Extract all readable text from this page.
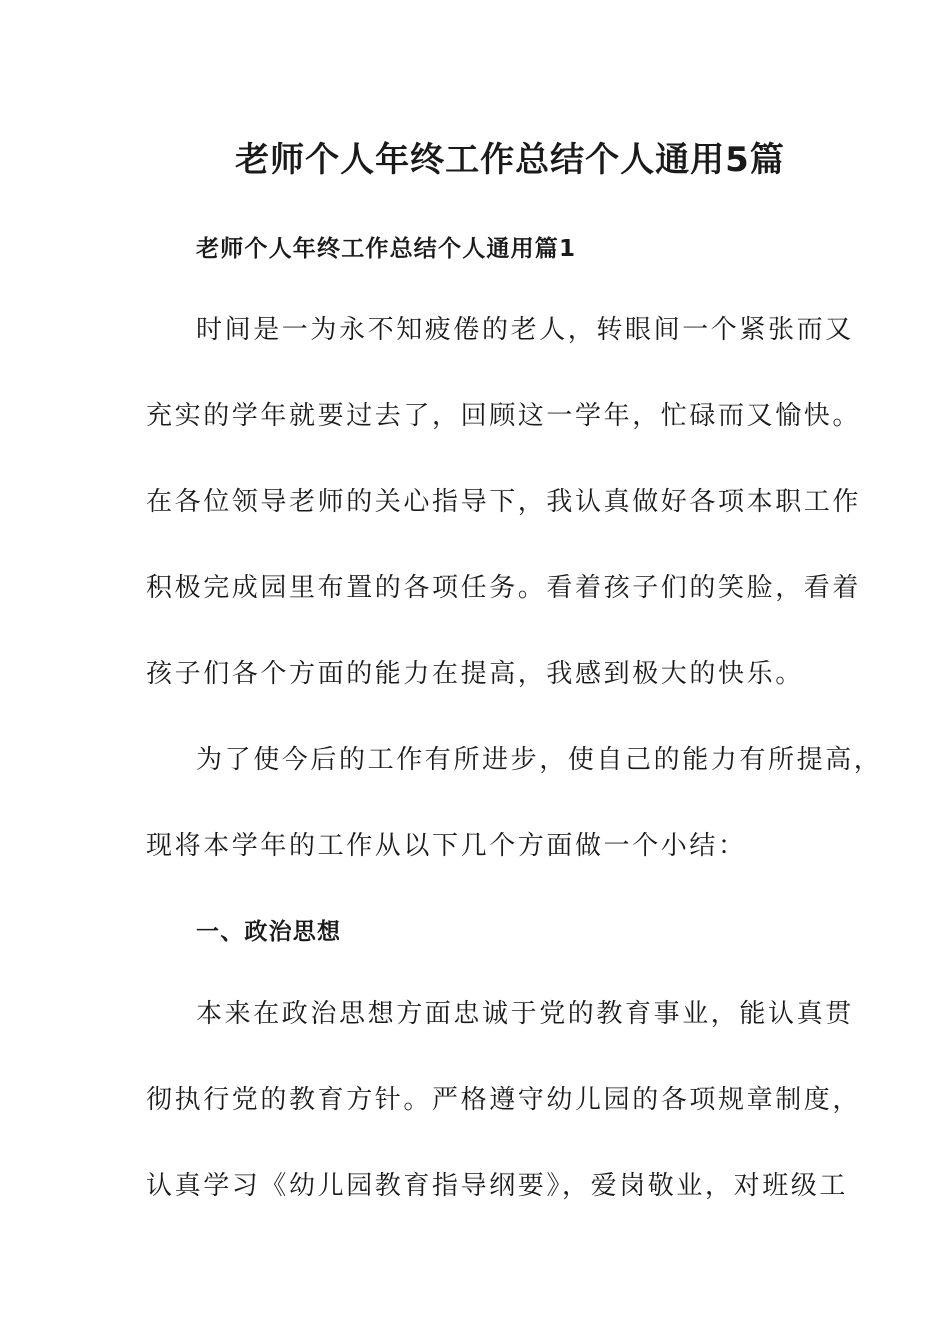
老师个人年终工作总结个人通用5篇
老师个人年终工作总结个人通用篇1
时间是一为永不知疲倦的老人，转眼间一个紧张而又
充实的学年就要过去了，回顾这一学年，忙碌而又愉快。
在各位领导老师的关心指导下，我认真做好各项本职工作
积极完成园里布置的各项任务。看着孩子们的笑脸，看着
孩子们各个方面的能力在提高，我感到极大的快乐。
为了使今后的工作有所进步，使自己的能力有所提高，
现将本学年的工作从以下几个方面做一个小结：
一、政治思想
本来在政治思想方面忠诚于党的教育事业，能认真贯
彻执行党的教育方针。严格遵守幼儿园的各项规章制度，
认真学习《幼儿园教育指导纲要》，爱岗敬业，对班级工
